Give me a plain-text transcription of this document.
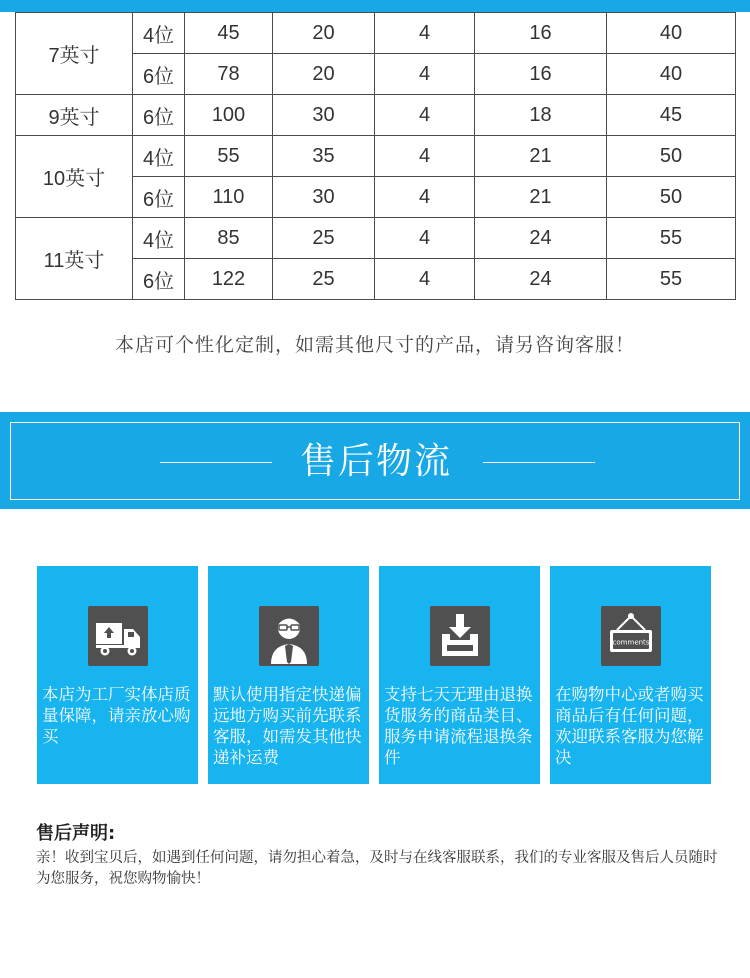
7英寸	4位	45	20	4	16	40
	6位	78	20	4	16	40
9英寸	6位	100	30	4	18	45
10英寸	4位	55	35	4	21	50
	6位	110	30	4	21	50
11英寸	4位	85	25	4	24	55
	6位	122	25	4	24	55
本店可个性化定制，如需其他尺寸的产品，请另咨询客服！
售后物流
本店为工厂实体店质量保障，请亲放心购买
默认使用指定快递偏远地方购买前先联系客服，如需发其他快递补运费
支持七天无理由退换货服务的商品类目、服务申请流程退换条件
comments
在购物中心或者购买商品后有任何问题，欢迎联系客服为您解决
售后声明:
亲！收到宝贝后，如遇到任何问题，请勿担心着急，及时与在线客服联系，我们的专业客服及售后人员随时为您服务，祝您购物愉快！
